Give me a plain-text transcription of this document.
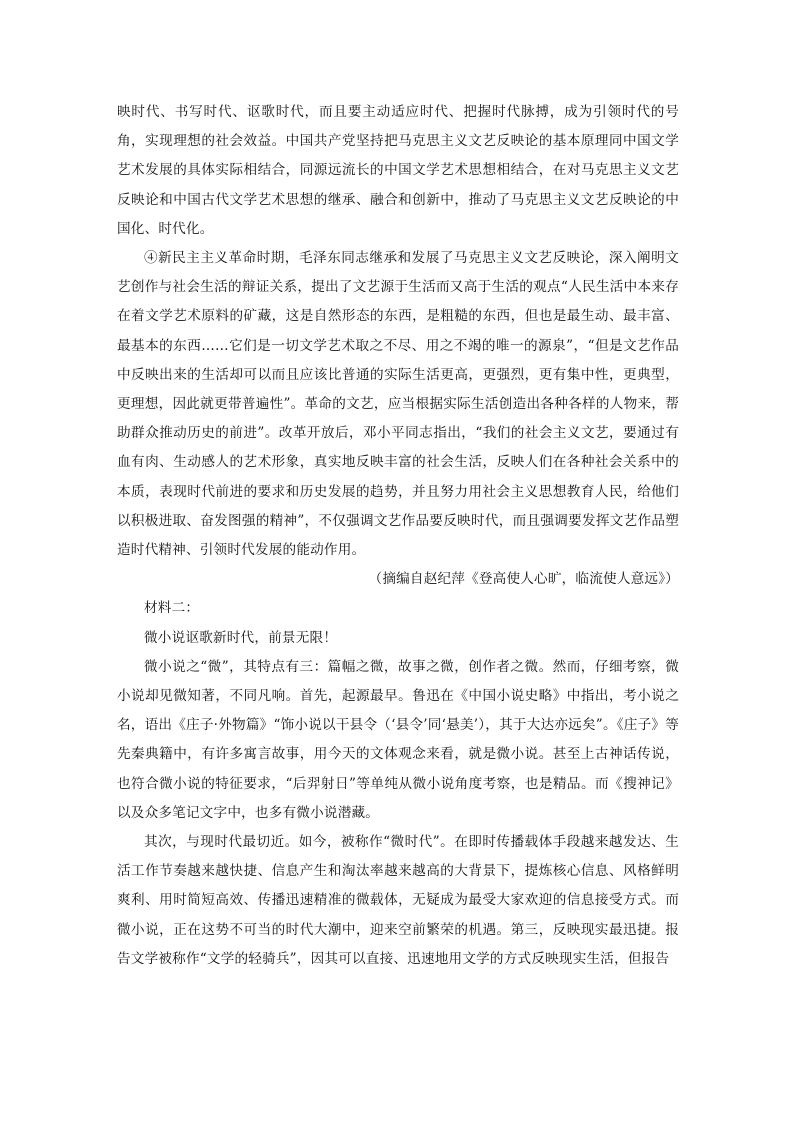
映时代、书写时代、讴歌时代，而且要主动适应时代、把握时代脉搏，成为引领时代的号角，实现理想的社会效益。中国共产党坚持把马克思主义文艺反映论的基本原理同中国文学艺术发展的具体实际相结合，同源远流长的中国文学艺术思想相结合，在对马克思主义文艺反映论和中国古代文学艺术思想的继承、融合和创新中，推动了马克思主义文艺反映论的中国化、时代化。

④新民主主义革命时期，毛泽东同志继承和发展了马克思主义文艺反映论，深入阐明文艺创作与社会生活的辩证关系，提出了文艺源于生活而又高于生活的观点“人民生活中本来存在着文学艺术原料的矿藏，这是自然形态的东西，是粗糙的东西，但也是最生动、最丰富、最基本的东西……它们是一切文学艺术取之不尽、用之不竭的唯一的源泉”，“但是文艺作品中反映出来的生活却可以而且应该比普通的实际生活更高，更强烈，更有集中性，更典型，更理想，因此就更带普遍性”。革命的文艺，应当根据实际生活创造出各种各样的人物来，帮助群众推动历史的前进”。改革开放后，邓小平同志指出，“我们的社会主义文艺，要通过有血有肉、生动感人的艺术形象，真实地反映丰富的社会生活，反映人们在各种社会关系中的本质，表现时代前进的要求和历史发展的趋势，并且努力用社会主义思想教育人民，给他们以积极进取、奋发图强的精神”，不仅强调文艺作品要反映时代，而且强调要发挥文艺作品塑造时代精神、引领时代发展的能动作用。

（摘编自赵纪萍《登高使人心旷，临流使人意远》）

材料二：

微小说讴歌新时代，前景无限！

微小说之“微”，其特点有三：篇幅之微，故事之微，创作者之微。然而，仔细考察，微小说却见微知著，不同凡响。首先，起源最早。鲁迅在《中国小说史略》中指出，考小说之名，语出《庄子·外物篇》“饰小说以干县令（‘县令’同‘悬美’），其于大达亦远矣”。《庄子》等先秦典籍中，有许多寓言故事，用今天的文体观念来看，就是微小说。甚至上古神话传说，也符合微小说的特征要求，“后羿射日”等单纯从微小说角度考察，也是精品。而《搜神记》以及众多笔记文字中，也多有微小说潜藏。

其次，与现时代最切近。如今，被称作“微时代”。在即时传播载体手段越来越发达、生活工作节奏越来越快捷、信息产生和淘汰率越来越高的大背景下，提炼核心信息、风格鲜明爽利、用时简短高效、传播迅速精准的微载体，无疑成为最受大家欢迎的信息接受方式。而微小说，正在这势不可当的时代大潮中，迎来空前繁荣的机遇。第三，反映现实最迅捷。报告文学被称作“文学的轻骑兵”，因其可以直接、迅速地用文学的方式反映现实生活，但报告
